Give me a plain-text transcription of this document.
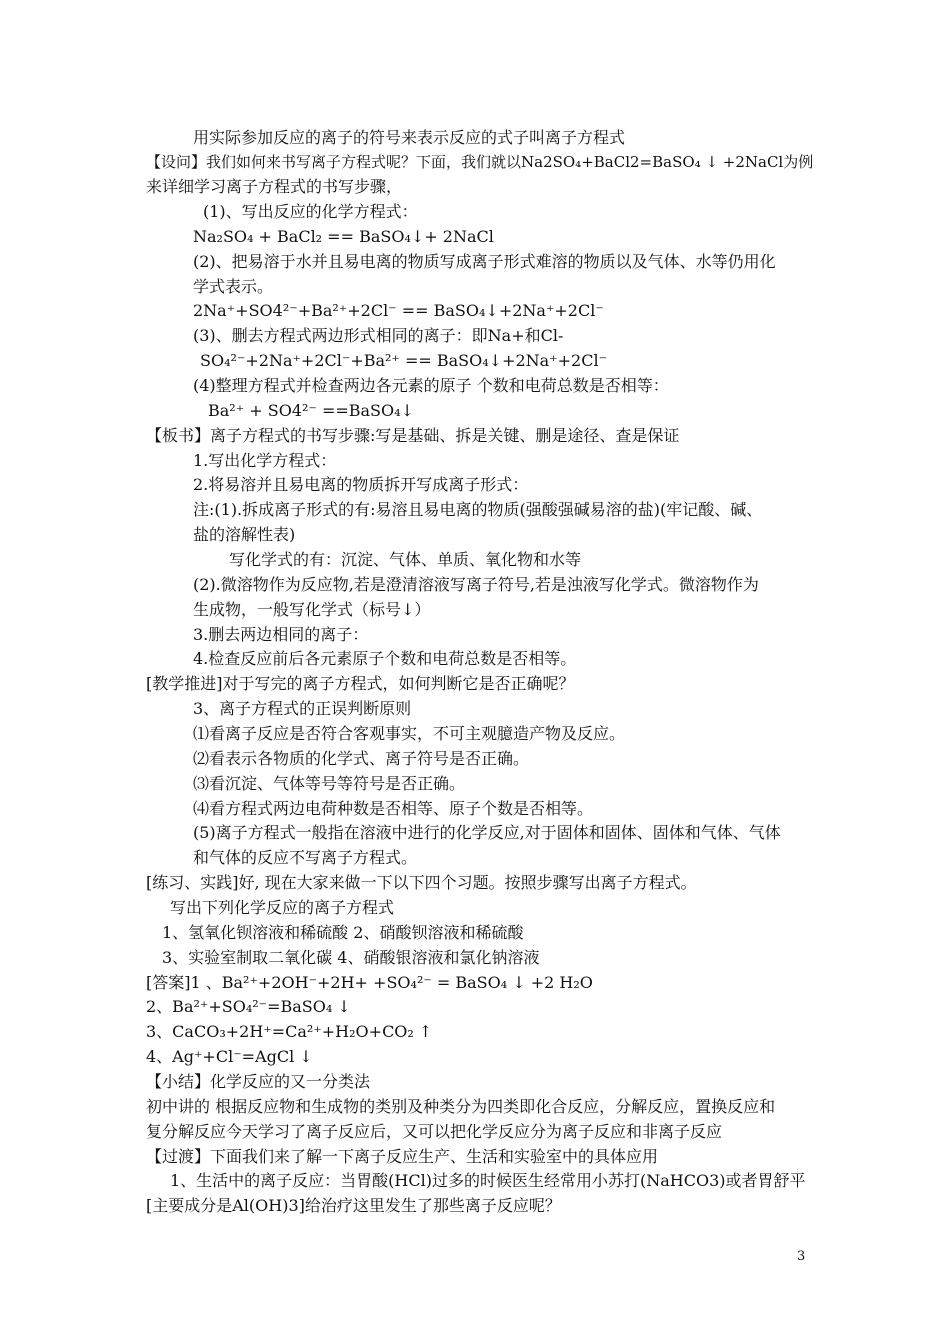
用实际参加反应的离子的符号来表示反应的式子叫离子方程式
【设问】我们如何来书写离子方程式呢？下面，我们就以Na2SO₄+BaCl2=BaSO₄ ↓ +2NaCl为例
来详细学习离子方程式的书写步骤，
(1)、写出反应的化学方程式：
Na₂SO₄ + BaCl₂ == BaSO₄↓+ 2NaCl
(2)、把易溶于水并且易电离的物质写成离子形式难溶的物质以及气体、水等仍用化
学式表示。
2Na⁺+SO4²⁻+Ba²⁺+2Cl⁻ == BaSO₄↓+2Na⁺+2Cl⁻
(3)、删去方程式两边形式相同的离子：即Na+和Cl-
SO₄²⁻+2Na⁺+2Cl⁻+Ba²⁺ == BaSO₄↓+2Na⁺+2Cl⁻
(4)整理方程式并检查两边各元素的原子 个数和电荷总数是否相等：
Ba²⁺ + SO4²⁻ ==BaSO₄↓
【板书】离子方程式的书写步骤:写是基础、拆是关键、删是途径、查是保证
1.写出化学方程式：
2.将易溶并且易电离的物质拆开写成离子形式：
注:(1).拆成离子形式的有:易溶且易电离的物质(强酸强碱易溶的盐)(牢记酸、碱、
盐的溶解性表)
写化学式的有：沉淀、气体、单质、氧化物和水等
(2).微溶物作为反应物,若是澄清溶液写离子符号,若是浊液写化学式。微溶物作为
生成物，一般写化学式（标号↓）
3.删去两边相同的离子：
4.检查反应前后各元素原子个数和电荷总数是否相等。
[教学推进]对于写完的离子方程式，如何判断它是否正确呢？
3、离子方程式的正误判断原则
⑴看离子反应是否符合客观事实，不可主观臆造产物及反应。
⑵看表示各物质的化学式、离子符号是否正确。
⑶看沉淀、气体等号等符号是否正确。
⑷看方程式两边电荷种数是否相等、原子个数是否相等。
(5)离子方程式一般指在溶液中进行的化学反应,对于固体和固体、固体和气体、气体
和气体的反应不写离子方程式。
[练习、实践]好, 现在大家来做一下以下四个习题。按照步骤写出离子方程式。
写出下列化学反应的离子方程式
1、氢氧化钡溶液和稀硫酸 2、硝酸钡溶液和稀硫酸
3、实验室制取二氧化碳 4、硝酸银溶液和氯化钠溶液
[答案]1 、Ba²⁺+2OH⁻+2H+ +SO₄²⁻ = BaSO₄ ↓ +2 H₂O
2、Ba²⁺+SO₄²⁻=BaSO₄ ↓
3、CaCO₃+2H⁺=Ca²⁺+H₂O+CO₂ ↑
4、Ag⁺+Cl⁻=AgCl ↓
【小结】化学反应的又一分类法
初中讲的 根据反应物和生成物的类别及种类分为四类即化合反应，分解反应，置换反应和
复分解反应今天学习了离子反应后，又可以把化学反应分为离子反应和非离子反应
【过渡】下面我们来了解一下离子反应生产、生活和实验室中的具体应用
1、生活中的离子反应：当胃酸(HCl)过多的时候医生经常用小苏打(NaHCO3)或者胃舒平
[主要成分是Al(OH)3]给治疗这里发生了那些离子反应呢？
3
